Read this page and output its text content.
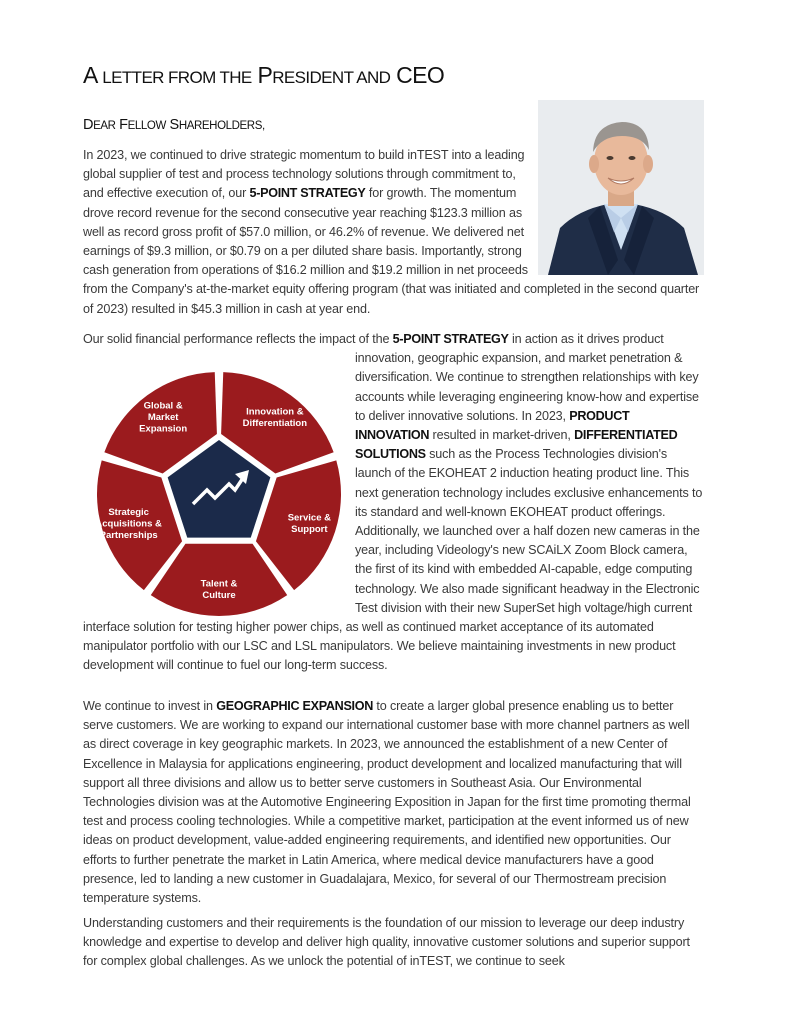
A LETTER FROM THE PRESIDENT AND CEO
DEAR FELLOW SHAREHOLDERS,
Global & Market Expansion
Innovation & Differentiation
Service & Support
Talent & Culture
Strategic Acquisitions & Partnerships
In 2023, we continued to drive strategic momentum to build inTEST into a leading global supplier of test and process technology solutions through commitment to, and effective execution of, our 5-POINT STRATEGY for growth. The momentum drove record revenue for the second consecutive year reaching $123.3 million as well as record gross profit of $57.0 million, or 46.2% of revenue. We delivered net earnings of $9.3 million, or $0.79 on a per diluted share basis. Importantly, strong cash generation from operations of $16.2 million and $19.2 million in net proceeds from the Company's at-the-market equity offering program (that was initiated and completed in the second quarter of 2023) resulted in $45.3 million in cash at year end.
Our solid financial performance reflects the impact of the 5-POINT STRATEGY
in action as it drives product innovation, geographic expansion, and market penetration & diversification. We continue to strengthen relationships with key accounts while leveraging engineering know-how and expertise to deliver innovative solutions. In 2023, PRODUCT INNOVATION resulted in market-driven, DIFFERENTIATED SOLUTIONS such as the Process Technologies division's launch of the EKOHEAT 2 induction heating product line. This next generation technology includes exclusive enhancements to its standard and well-known EKOHEAT product offerings. Additionally, we launched over a half dozen new cameras in the year, including Videology's new SCAiLX Zoom Block camera, the first of its kind with embedded AI-capable, edge computing technology. We also made significant headway in the Electronic Test division with their new SuperSet high voltage/high current interface solution for testing higher power chips, as well as continued market acceptance of its automated manipulator portfolio with our LSC and LSL manipulators. We believe maintaining investments in new product development will continue to fuel our long-term success.
We continue to invest in GEOGRAPHIC EXPANSION to create a larger global presence enabling us to better serve customers. We are working to expand our international customer base with more channel partners as well as direct coverage in key geographic markets. In 2023, we announced the establishment of a new Center of Excellence in Malaysia for applications engineering, product development and localized manufacturing that will support all three divisions and allow us to better serve customers in Southeast Asia. Our Environmental Technologies division was at the Automotive Engineering Exposition in Japan for the first time promoting thermal test and process cooling technologies. While a competitive market, participation at the event informed us of new ideas on product development, value-added engineering requirements, and identified new opportunities. Our efforts to further penetrate the market in Latin America, where medical device manufacturers have a good presence, led to landing a new customer in Guadalajara, Mexico, for several of our Thermostream precision temperature systems.
Understanding customers and their requirements is the foundation of our mission to leverage our deep industry knowledge and expertise to develop and deliver high quality, innovative customer solutions and superior support for complex global challenges. As we unlock the potential of inTEST, we continue to seek
